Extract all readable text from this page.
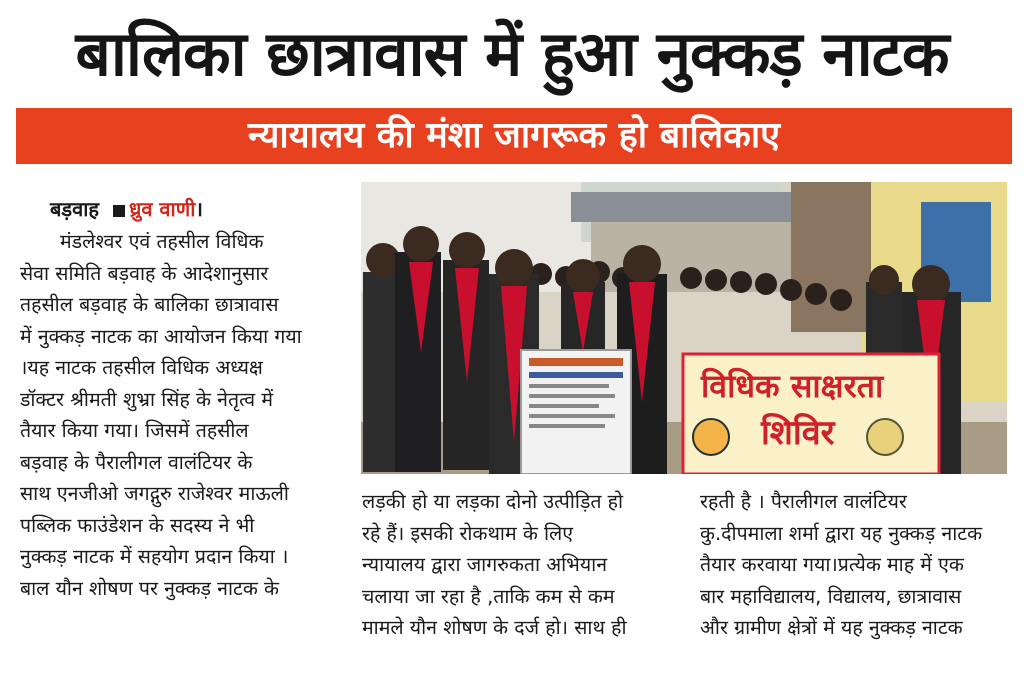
बालिका छात्रावास में हुआ नुक्कड़ नाटक
न्यायालय की मंशा जागरूक हो बालिकाए
बड़वाह ध्रुव वाणी।
मंडलेश्वर एवं तहसील विधिक
सेवा समिति बड़वाह के आदेशानुसार
तहसील बड़वाह के बालिका छात्रावास
में नुक्कड़ नाटक का आयोजन किया गया
।यह नाटक तहसील विधिक अध्यक्ष
डॉक्टर श्रीमती शुभ्रा सिंह के नेतृत्व में
तैयार किया गया। जिसमें तहसील
बड़वाह के पैरालीगल वालंटियर के
साथ एनजीओ जगद्गुरु राजेश्वर माऊली
पब्लिक फाउंडेशन के सदस्य ने भी
नुक्कड़ नाटक में सहयोग प्रदान किया ।
बाल यौन शोषण पर नुक्कड़ नाटक के
विधिक साक्षरता
शिविर
लड़की हो या लड़का दोनो उत्पीड़ित हो
रहे हैं। इसकी रोकथाम के लिए
न्यायालय द्वारा जागरुकता अभियान
चलाया जा रहा है ,ताकि कम से कम
मामले यौन शोषण के दर्ज हो। साथ ही
रहती है । पैरालीगल वालंटियर
कु.दीपमाला शर्मा द्वारा यह नुक्कड़ नाटक
तैयार करवाया गया।प्रत्येक माह में एक
बार महाविद्यालय, विद्यालय, छात्रावास
और ग्रामीण क्षेत्रों में यह नुक्कड़ नाटक
